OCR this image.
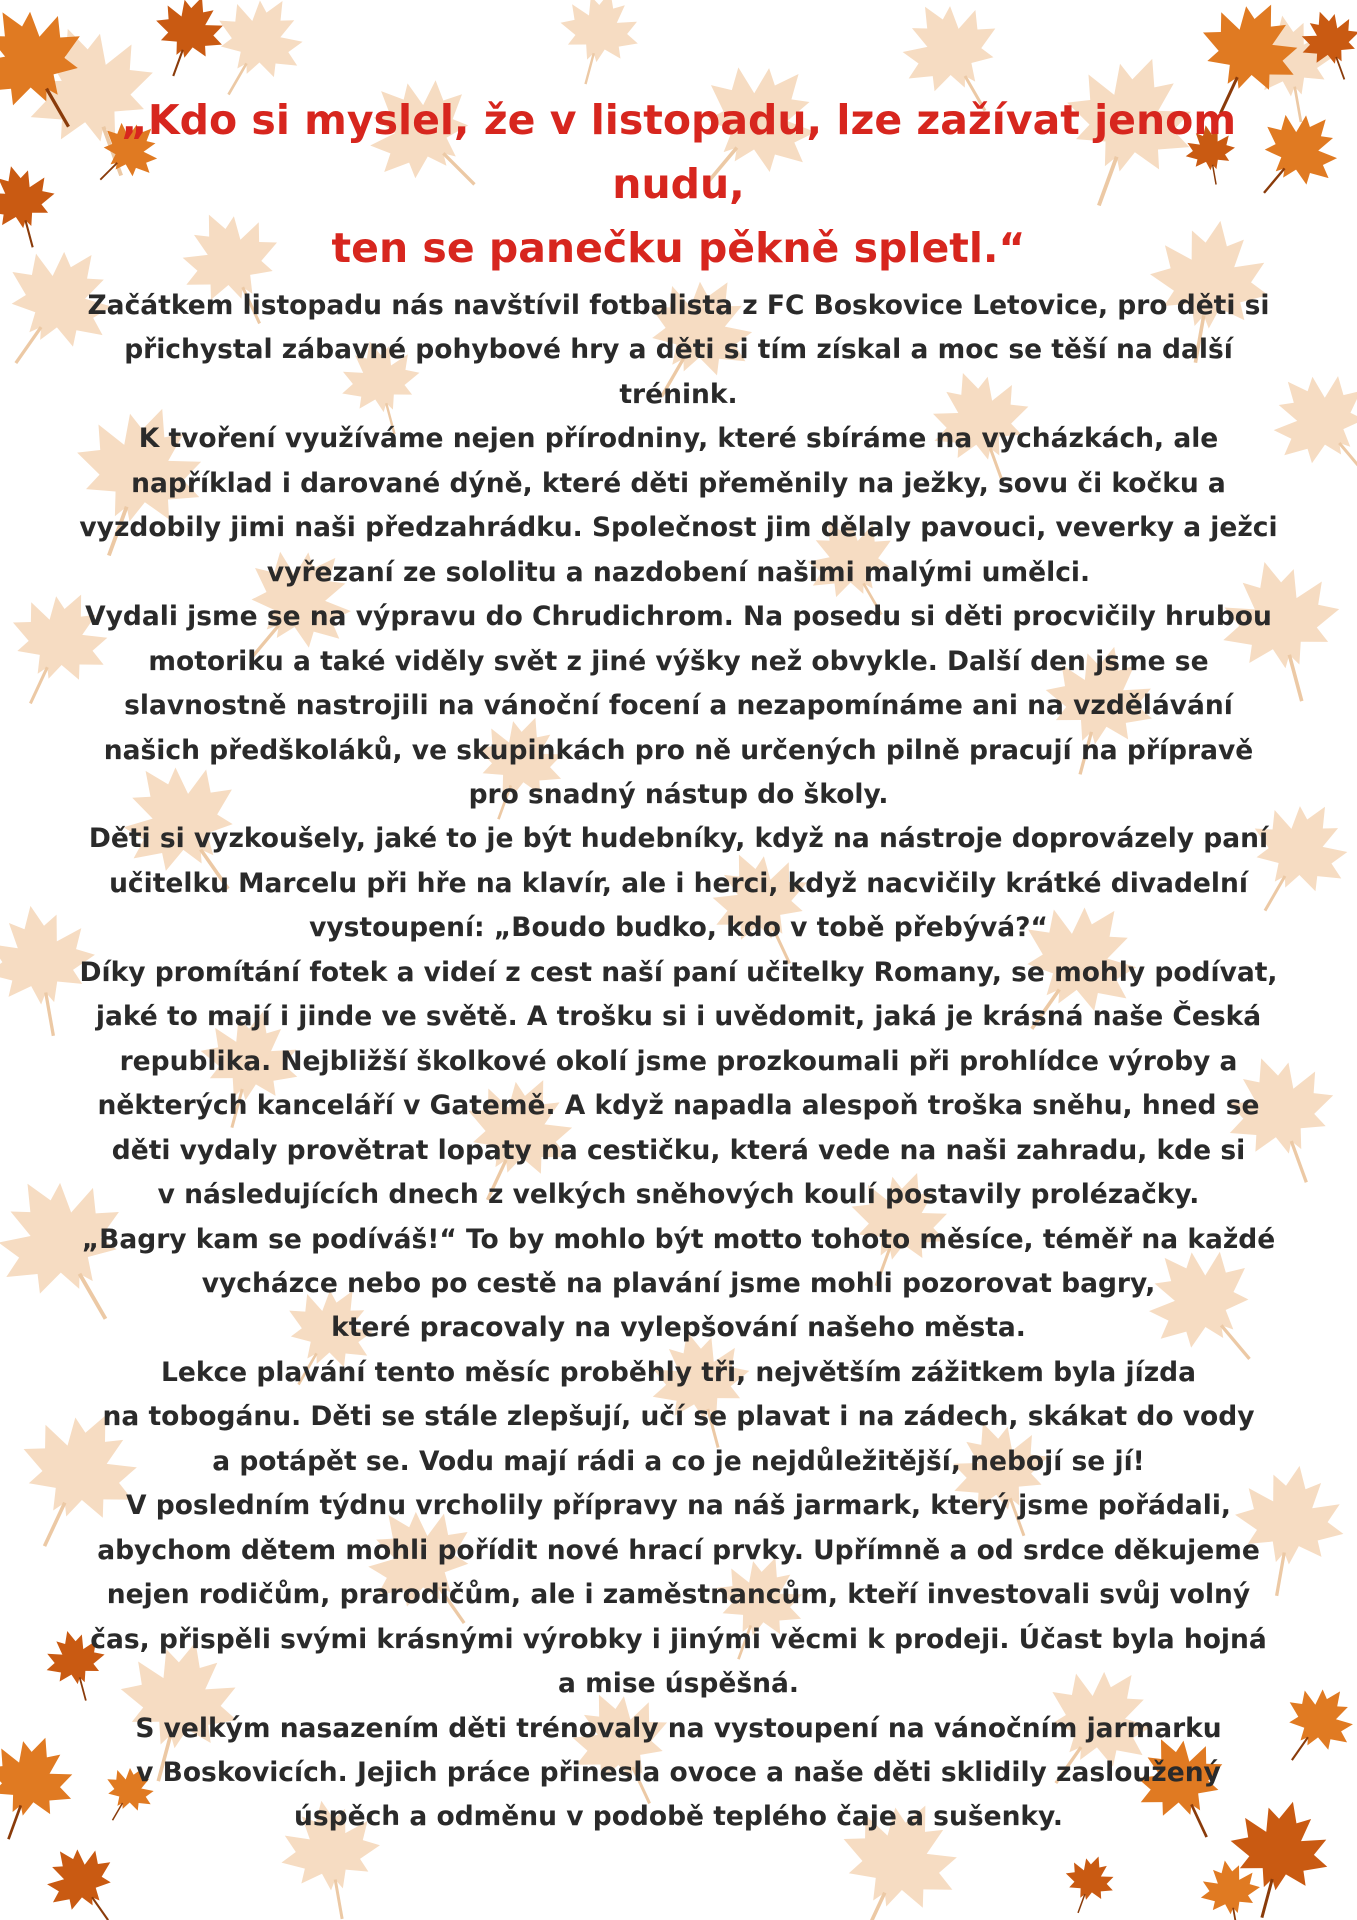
„Kdo si myslel, že v listopadu, lze zažívat jenom nudu,
ten se panečku pěkně spletl.“
Začátkem listopadu nás navštívil fotbalista z FC Boskovice Letovice, pro děti si
přichystal zábavné pohybové hry a děti si tím získal a moc se těší na další
trénink.
K tvoření využíváme nejen přírodniny, které sbíráme na vycházkách, ale
například i darované dýně, které děti přeměnily na ježky, sovu či kočku a
vyzdobily jimi naši předzahrádku. Společnost jim dělaly pavouci, veverky a ježci
vyřezaní ze sololitu a nazdobení našimi malými umělci.
Vydali jsme se na výpravu do Chrudichrom. Na posedu si děti procvičily hrubou
motoriku a také viděly svět z jiné výšky než obvykle. Další den jsme se
slavnostně nastrojili na vánoční focení a nezapomínáme ani na vzdělávání
našich předškoláků, ve skupinkách pro ně určených pilně pracují na přípravě
pro snadný nástup do školy.
Děti si vyzkoušely, jaké to je být hudebníky, když na nástroje doprovázely paní
učitelku Marcelu při hře na klavír, ale i herci, když nacvičily krátké divadelní
vystoupení: „Boudo budko, kdo v tobě přebývá?“
Díky promítání fotek a videí z cest naší paní učitelky Romany, se mohly podívat,
jaké to mají i jinde ve světě. A trošku si i uvědomit, jaká je krásná naše Česká
republika. Nejbližší školkové okolí jsme prozkoumali při prohlídce výroby a
některých kanceláří v Gatemě. A když napadla alespoň troška sněhu, hned se
děti vydaly provětrat lopaty na cestičku, která vede na naši zahradu, kde si
v následujících dnech z velkých sněhových koulí postavily prolézačky.
„Bagry kam se podíváš!“ To by mohlo být motto tohoto měsíce, téměř na každé
vycházce nebo po cestě na plavání jsme mohli pozorovat bagry,
které pracovaly na vylepšování našeho města.
Lekce plavání tento měsíc proběhly tři, největším zážitkem byla jízda
na tobogánu. Děti se stále zlepšují, učí se plavat i na zádech, skákat do vody
a potápět se. Vodu mají rádi a co je nejdůležitější, nebojí se jí!
V posledním týdnu vrcholily přípravy na náš jarmark, který jsme pořádali,
abychom dětem mohli pořídit nové hrací prvky. Upřímně a od srdce děkujeme
nejen rodičům, prarodičům, ale i zaměstnancům, kteří investovali svůj volný
čas, přispěli svými krásnými výrobky i jinými věcmi k prodeji. Účast byla hojná
a mise úspěšná.
S velkým nasazením děti trénovaly na vystoupení na vánočním jarmarku
v Boskovicích. Jejich práce přinesla ovoce a naše děti sklidily zasloužený
úspěch a odměnu v podobě teplého čaje a sušenky.
